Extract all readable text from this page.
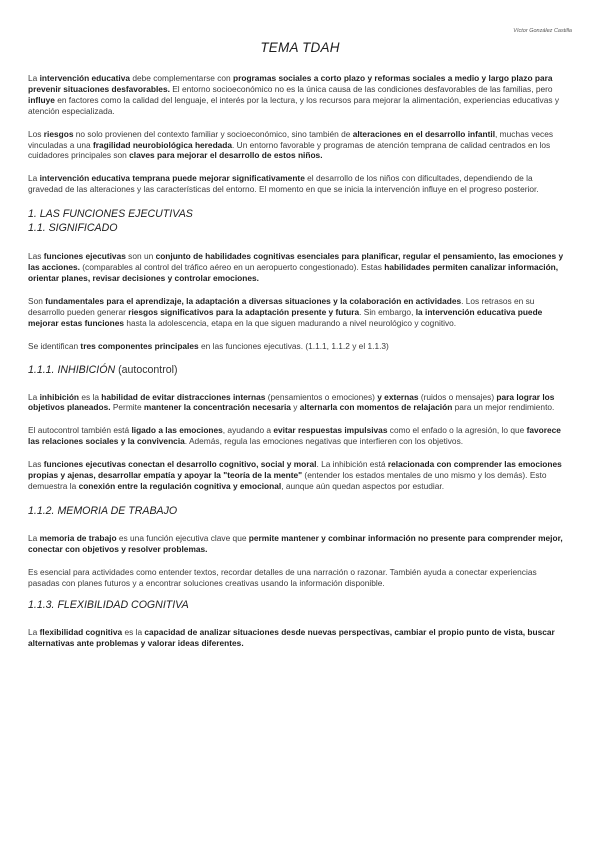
Víctor González Castilla
TEMA TDAH

La intervención educativa debe complementarse con programas sociales a corto plazo y reformas sociales a medio y largo plazo para prevenir situaciones desfavorables. El entorno socioeconómico no es la única causa de las condiciones desfavorables de las familias, pero influye en factores como la calidad del lenguaje, el interés por la lectura, y los recursos para mejorar la alimentación, experiencias educativas y atención especializada.

Los riesgos no solo provienen del contexto familiar y socioeconómico, sino también de alteraciones en el desarrollo infantil, muchas veces vinculadas a una fragilidad neurobiológica heredada. Un entorno favorable y programas de atención temprana de calidad centrados en los cuidadores principales son claves para mejorar el desarrollo de estos niños.

La intervención educativa temprana puede mejorar significativamente el desarrollo de los niños con dificultades, dependiendo de la gravedad de las alteraciones y las características del entorno. El momento en que se inicia la intervención influye en el progreso posterior.

1. LAS FUNCIONES EJECUTIVAS
1.1. SIGNIFICADO

Las funciones ejecutivas son un conjunto de habilidades cognitivas esenciales para planificar, regular el pensamiento, las emociones y las acciones. (comparables al control del tráfico aéreo en un aeropuerto congestionado). Estas habilidades permiten canalizar información, orientar planes, revisar decisiones y controlar emociones.

Son fundamentales para el aprendizaje, la adaptación a diversas situaciones y la colaboración en actividades. Los retrasos en su desarrollo pueden generar riesgos significativos para la adaptación presente y futura. Sin embargo, la intervención educativa puede mejorar estas funciones hasta la adolescencia, etapa en la que siguen madurando a nivel neurológico y cognitivo.

Se identifican tres componentes principales en las funciones ejecutivas. (1.1.1, 1.1.2 y el 1.1.3)

1.1.1. INHIBICIÓN (autocontrol)

La inhibición es la habilidad de evitar distracciones internas (pensamientos o emociones) y externas (ruidos o mensajes) para lograr los objetivos planeados. Permite mantener la concentración necesaria y alternarla con momentos de relajación para un mejor rendimiento.

El autocontrol también está ligado a las emociones, ayudando a evitar respuestas impulsivas como el enfado o la agresión, lo que favorece las relaciones sociales y la convivencia. Además, regula las emociones negativas que interfieren con los objetivos.

Las funciones ejecutivas conectan el desarrollo cognitivo, social y moral. La inhibición está relacionada con comprender las emociones propias y ajenas, desarrollar empatía y apoyar la "teoría de la mente" (entender los estados mentales de uno mismo y los demás). Esto demuestra la conexión entre la regulación cognitiva y emocional, aunque aún quedan aspectos por estudiar.

1.1.2. MEMORIA DE TRABAJO

La memoria de trabajo es una función ejecutiva clave que permite mantener y combinar información no presente para comprender mejor, conectar con objetivos y resolver problemas.

Es esencial para actividades como entender textos, recordar detalles de una narración o razonar. También ayuda a conectar experiencias pasadas con planes futuros y a encontrar soluciones creativas usando la información disponible.

1.1.3. FLEXIBILIDAD COGNITIVA

La flexibilidad cognitiva es la capacidad de analizar situaciones desde nuevas perspectivas, cambiar el propio punto de vista, buscar alternativas ante problemas y valorar ideas diferentes.
